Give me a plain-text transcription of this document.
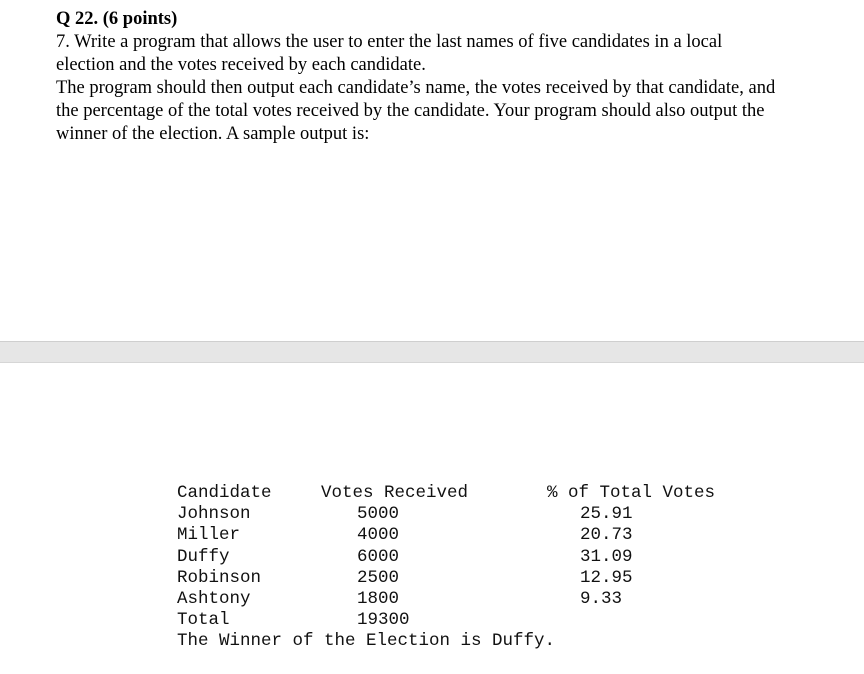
Q 22. (6 points)
7. Write a program that allows the user to enter the last names of five candidates in a local
election and the votes received by each candidate.
The program should then output each candidate’s name, the votes received by that candidate, and
the percentage of the total votes received by the candidate. Your program should also output the
winner of the election. A sample output is:
Candidate	Votes Received	% of Total Votes
Johnson	5000	25.91
Miller	4000	20.73
Duffy	6000	31.09
Robinson	2500	12.95
Ashtony	1800	9.33
Total	19300
The Winner of the Election is Duffy.
